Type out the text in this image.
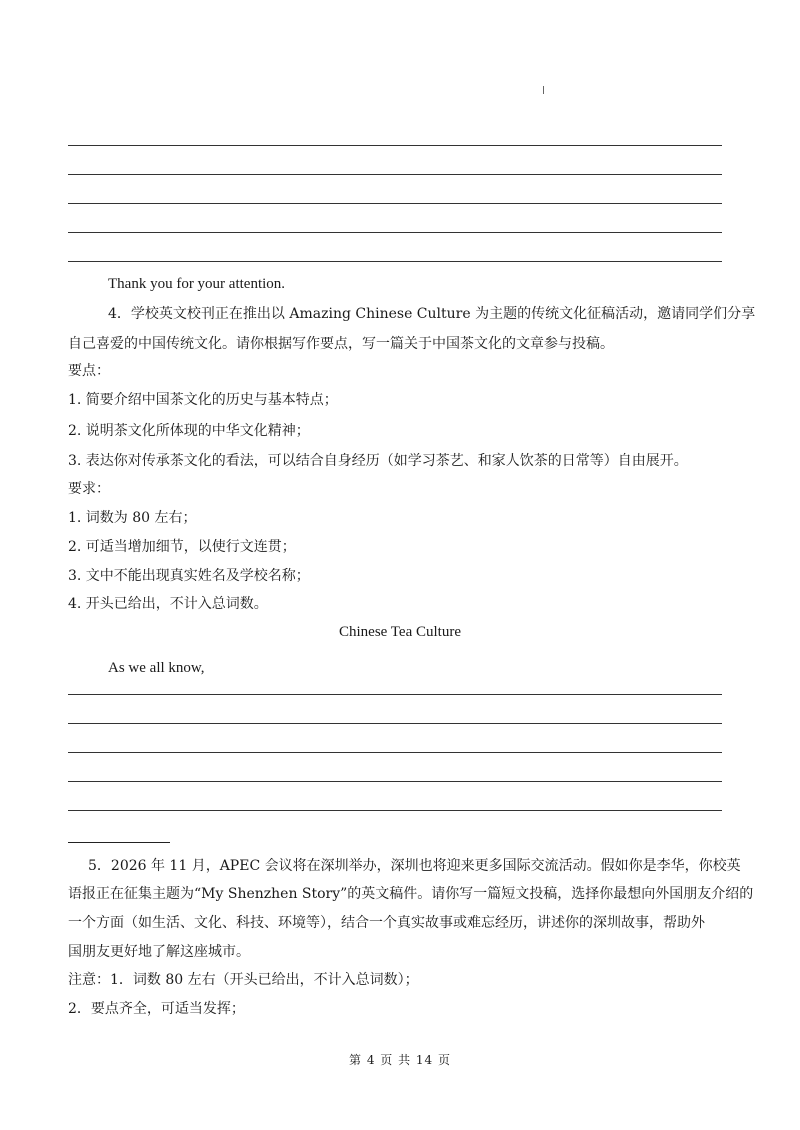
Thank you for your attention.
4．学校英文校刊正在推出以 Amazing Chinese Culture 为主题的传统文化征稿活动，邀请同学们分享
自己喜爱的中国传统文化。请你根据写作要点，写一篇关于中国茶文化的文章参与投稿。
要点：
1. 简要介绍中国茶文化的历史与基本特点；
2. 说明茶文化所体现的中华文化精神；
3. 表达你对传承茶文化的看法，可以结合自身经历（如学习茶艺、和家人饮茶的日常等）自由展开。
要求：
1. 词数为 80 左右；
2. 可适当增加细节，以使行文连贯；
3. 文中不能出现真实姓名及学校名称；
4. 开头已给出，不计入总词数。
Chinese Tea Culture
As we all know,
5．2026 年 11 月，APEC 会议将在深圳举办，深圳也将迎来更多国际交流活动。假如你是李华，你校英
语报正在征集主题为“My Shenzhen Story”的英文稿件。请你写一篇短文投稿，选择你最想向外国朋友介绍的
一个方面（如生活、文化、科技、环境等），结合一个真实故事或难忘经历，讲述你的深圳故事，帮助外
国朋友更好地了解这座城市。
注意：1．词数 80 左右（开头已给出，不计入总词数）；
2．要点齐全，可适当发挥；
第 4 页 共 14 页
